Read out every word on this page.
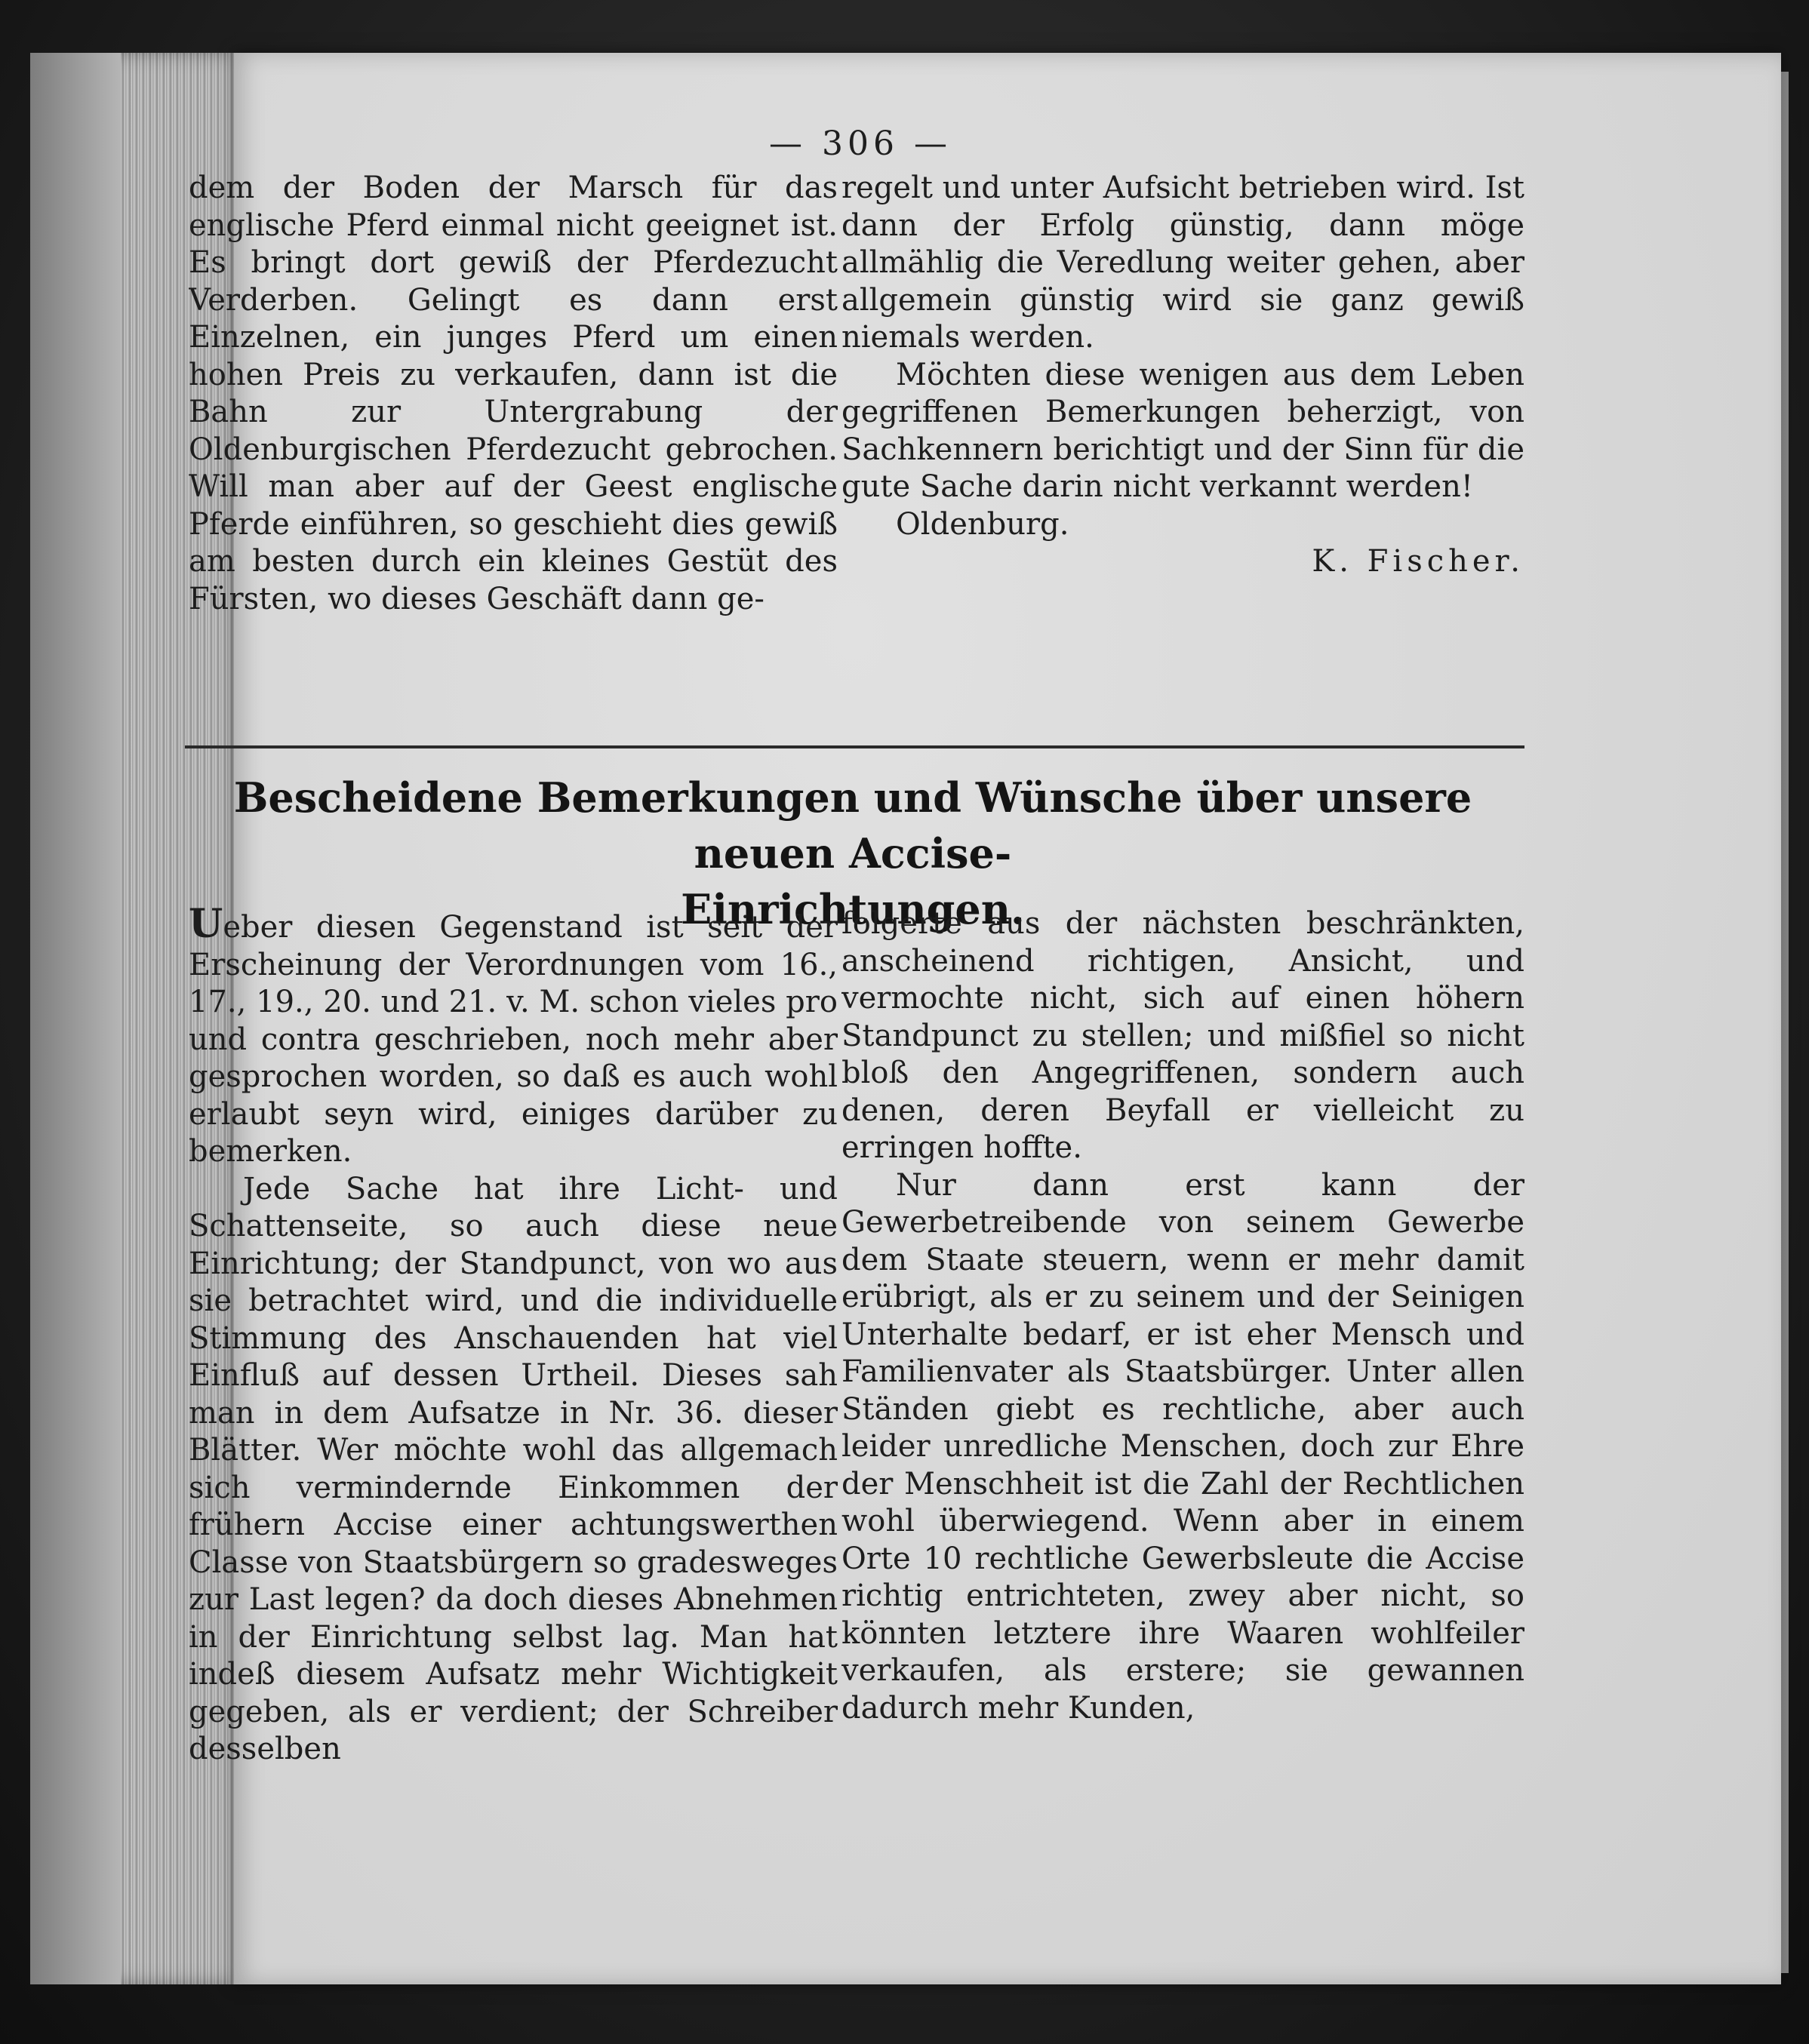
— 306 —

dem der Boden der Marsch für das englische Pferd einmal nicht geeignet ist. Es bringt dort gewiß der Pferdezucht Verderben. Gelingt es dann erst Einzelnen, ein junges Pferd um einen hohen Preis zu verkaufen, dann ist die Bahn zur Untergrabung der Oldenburgischen Pferdezucht gebrochen. Will man aber auf der Geest englische Pferde einführen, so geschieht dies gewiß am besten durch ein kleines Gestüt des Fürsten, wo dieses Geschäft dann ge-

regelt und unter Aufsicht betrieben wird. Ist dann der Erfolg günstig, dann möge allmählig die Veredlung weiter gehen, aber allgemein günstig wird sie ganz gewiß niemals werden.

Möchten diese wenigen aus dem Leben gegriffenen Bemerkungen beherzigt, von Sachkennern berichtigt und der Sinn für die gute Sache darin nicht verkannt werden!

Oldenburg.

K. Fischer.

Bescheidene Bemerkungen und Wünsche über unsere neuen Accise-
Einrichtungen.

Ueber diesen Gegenstand ist seit der Erscheinung der Verordnungen vom 16., 17., 19., 20. und 21. v. M. schon vieles pro und contra geschrieben, noch mehr aber gesprochen worden, so daß es auch wohl erlaubt seyn wird, einiges darüber zu bemerken.

Jede Sache hat ihre Licht- und Schattenseite, so auch diese neue Einrichtung; der Standpunct, von wo aus sie betrachtet wird, und die individuelle Stimmung des Anschauenden hat viel Einfluß auf dessen Urtheil. Dieses sah man in dem Aufsatze in Nr. 36. dieser Blätter. Wer möchte wohl das allgemach sich vermindernde Einkommen der frühern Accise einer achtungswerthen Classe von Staatsbürgern so gradesweges zur Last legen? da doch dieses Abnehmen in der Einrichtung selbst lag. Man hat indeß diesem Aufsatz mehr Wichtigkeit gegeben, als er verdient; der Schreiber desselben

folgerte aus der nächsten beschränkten, anscheinend richtigen, Ansicht, und vermochte nicht, sich auf einen höhern Standpunct zu stellen; und mißfiel so nicht bloß den Angegriffenen, sondern auch denen, deren Beyfall er vielleicht zu erringen hoffte.

Nur dann erst kann der Gewerbetreibende von seinem Gewerbe dem Staate steuern, wenn er mehr damit erübrigt, als er zu seinem und der Seinigen Unterhalte bedarf, er ist eher Mensch und Familienvater als Staatsbürger. Unter allen Ständen giebt es rechtliche, aber auch leider unredliche Menschen, doch zur Ehre der Menschheit ist die Zahl der Rechtlichen wohl überwiegend. Wenn aber in einem Orte 10 rechtliche Gewerbsleute die Accise richtig entrichteten, zwey aber nicht, so könnten letztere ihre Waaren wohlfeiler verkaufen, als erstere; sie gewannen dadurch mehr Kunden,
